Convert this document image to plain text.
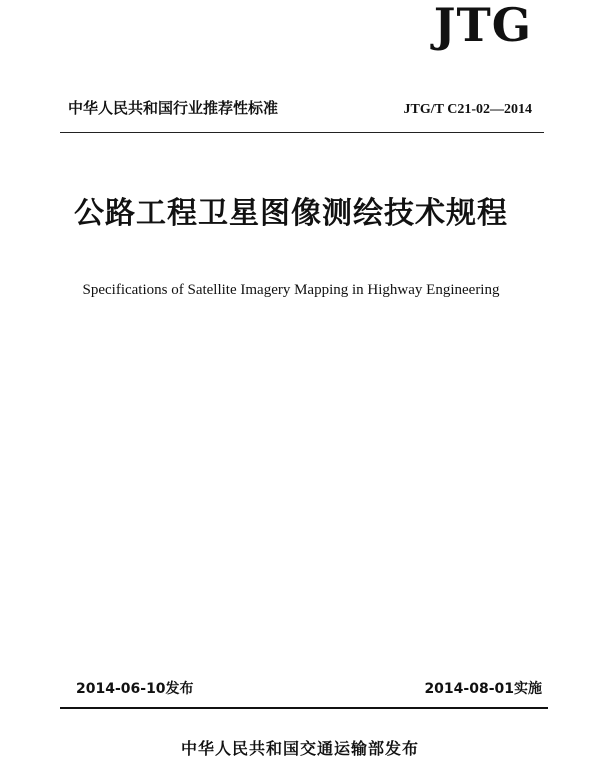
JTG
中华人民共和国行业推荐性标准	JTG/T C21-02—2014
公路工程卫星图像测绘技术规程
Specifications of Satellite Imagery Mapping in Highway Engineering
2014-06-10发布	2014-08-01实施
中华人民共和国交通运输部发布
